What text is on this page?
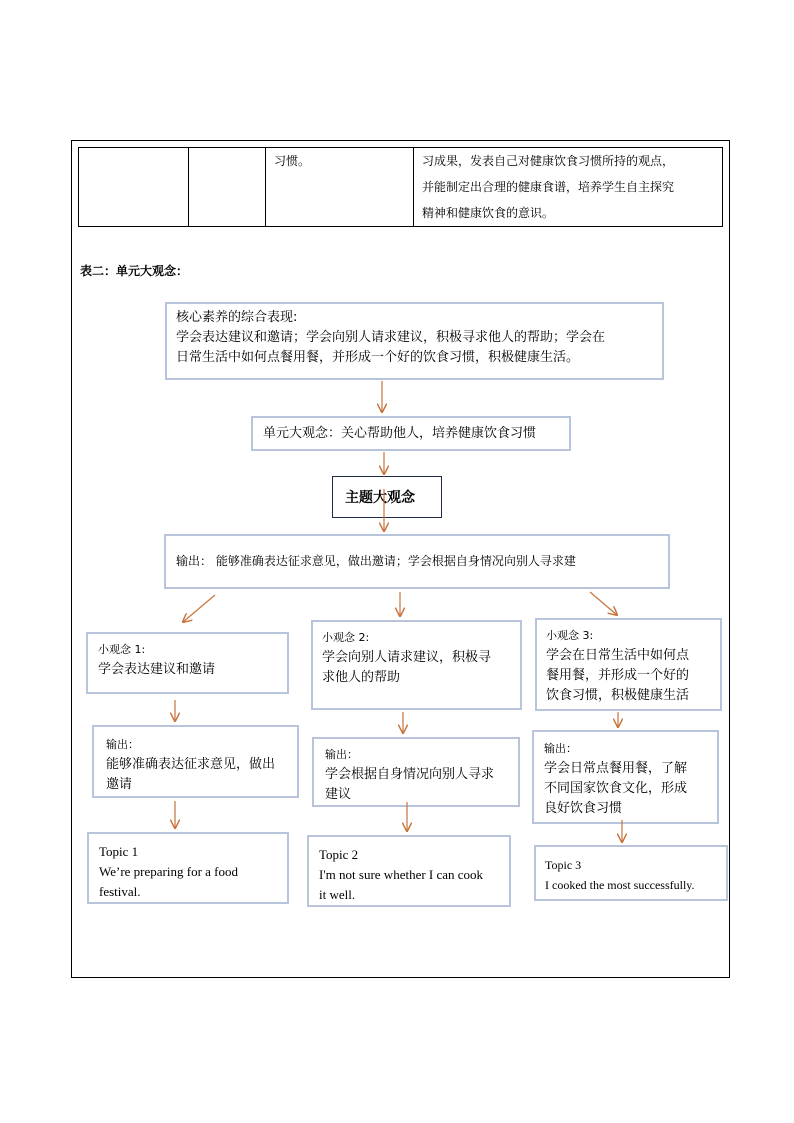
		习惯。	习成果，发表自己对健康饮食习惯所持的观点，
并能制定出合理的健康食谱，培养学生自主探究
精神和健康饮食的意识。
表二：单元大观念：
核心素养的综合表现:
学会表达建议和邀请；学会向别人请求建议，积极寻求他人的帮助；学会在
日常生活中如何点餐用餐，并形成一个好的饮食习惯，积极健康生活。
单元大观念：关心帮助他人，培养健康饮食习惯
主题大观念
输出： 能够准确表达征求意见，做出邀请；学会根据自身情况向别人寻求建
小观念 1:
学会表达建议和邀请
输出：
能够准确表达征求意见，做出
邀请
Topic 1
We’re preparing for a food
festival.
小观念 2:
学会向别人请求建议，积极寻
求他人的帮助
输出：
学会根据自身情况向别人寻求
建议
Topic 2
I'm not sure whether I can cook
it well.
小观念 3:
学会在日常生活中如何点
餐用餐，并形成一个好的
饮食习惯，积极健康生活
输出：
学会日常点餐用餐，了解
不同国家饮食文化，形成
良好饮食习惯
Topic 3
I cooked the most successfully.
